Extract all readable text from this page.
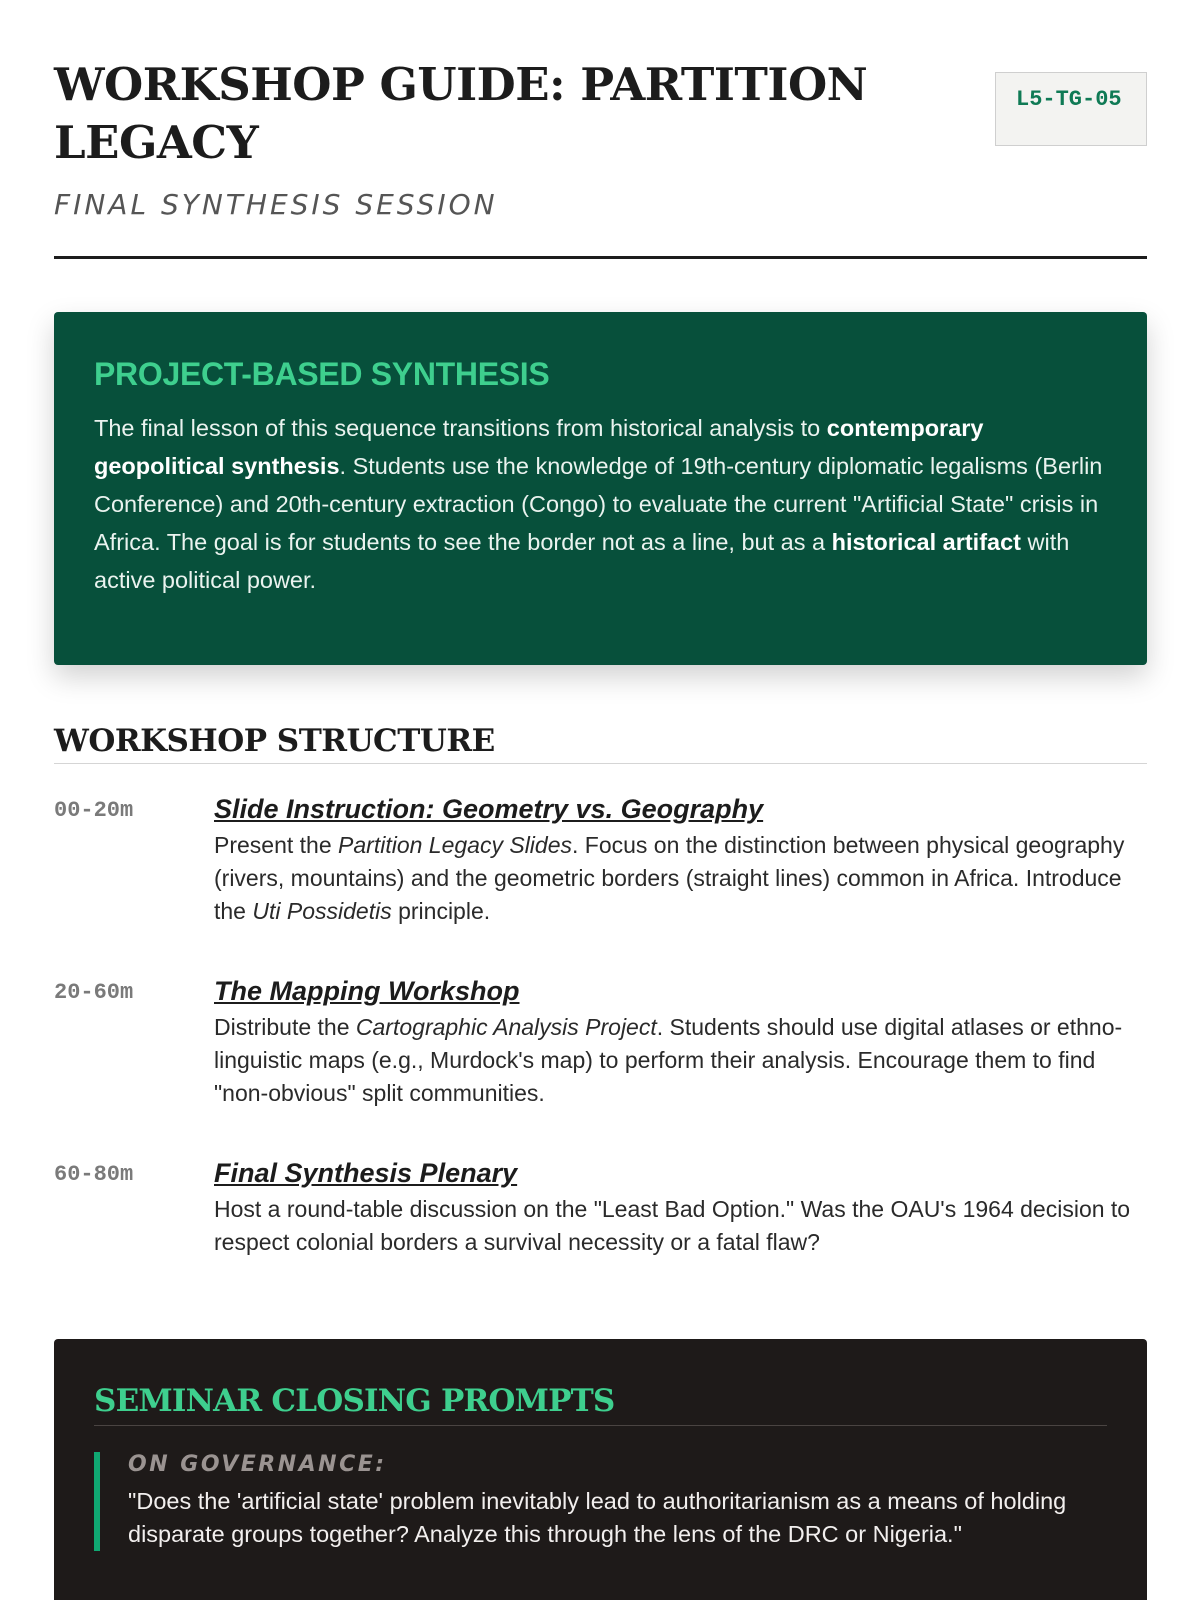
WORKSHOP GUIDE: PARTITION LEGACY
FINAL SYNTHESIS SESSION
L5-TG-05
PROJECT-BASED SYNTHESIS

The final lesson of this sequence transitions from historical analysis to contemporary geopolitical synthesis. Students use the knowledge of 19th-century diplomatic legalisms (Berlin Conference) and 20th-century extraction (Congo) to evaluate the current "Artificial State" crisis in Africa. The goal is for students to see the border not as a line, but as a historical artifact with active political power.

WORKSHOP STRUCTURE
00-20m	Slide Instruction: Geometry vs. Geography

Present the Partition Legacy Slides. Focus on the distinction between physical geography (rivers, mountains) and the geometric borders (straight lines) common in Africa. Introduce the Uti Possidetis principle.

20-60m	The Mapping Workshop

Distribute the Cartographic Analysis Project. Students should use digital atlases or ethno-linguistic maps (e.g., Murdock's map) to perform their analysis. Encourage them to find "non-obvious" split communities.

60-80m	Final Synthesis Plenary

Host a round-table discussion on the "Least Bad Option." Was the OAU's 1964 decision to respect colonial borders a survival necessity or a fatal flaw?

SEMINAR CLOSING PROMPTS
ON GOVERNANCE:

"Does the 'artificial state' problem inevitably lead to authoritarianism as a means of holding disparate groups together? Analyze this through the lens of the DRC or Nigeria."
